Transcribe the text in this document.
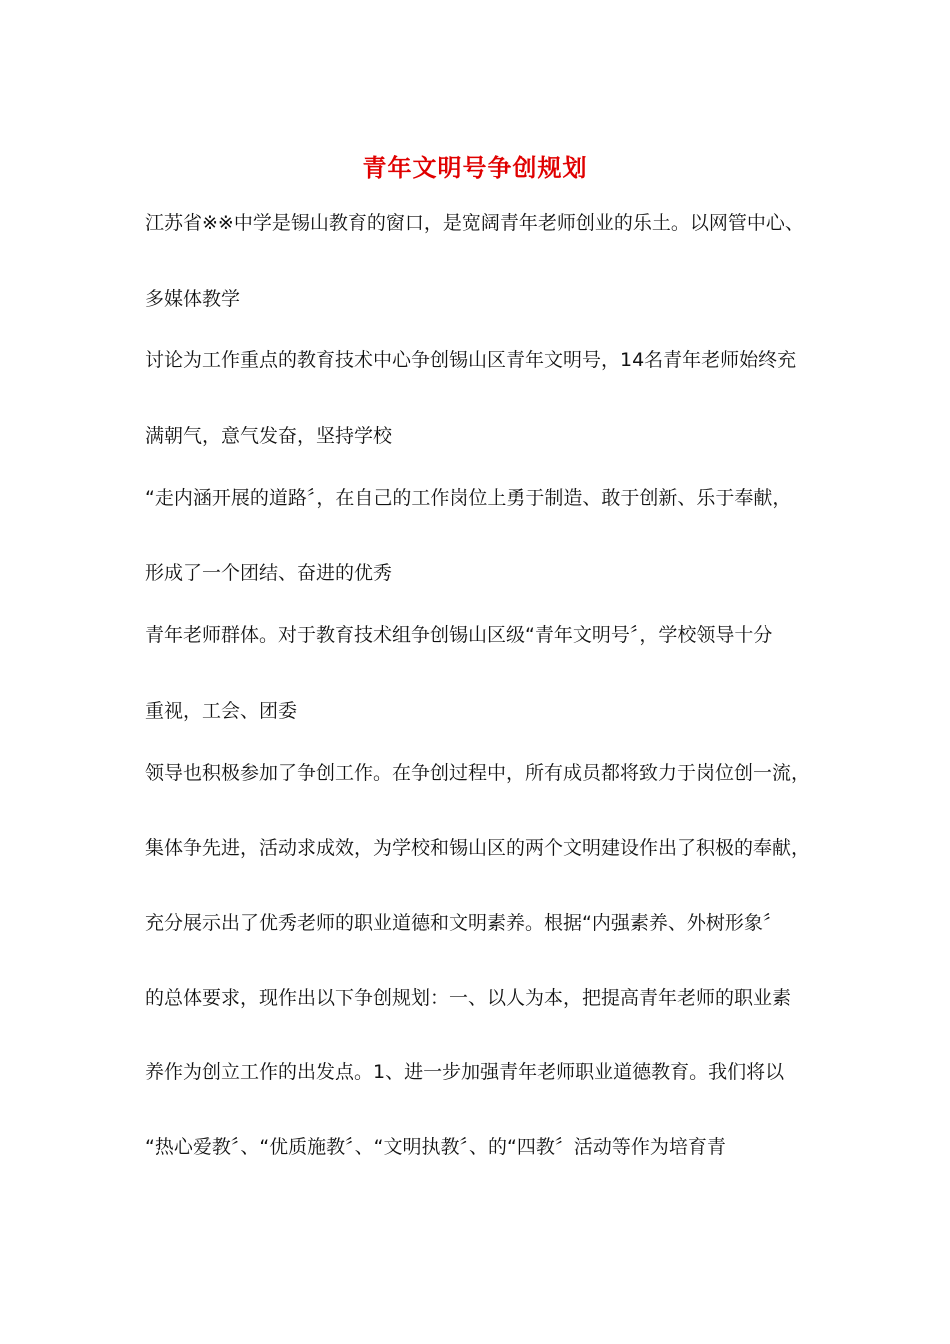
青年文明号争创规划
江苏省※※中学是锡山教育的窗口，是宽阔青年老师创业的乐土。以网管中心、
多媒体教学
讨论为工作重点的教育技术中心争创锡山区青年文明号，14名青年老师始终充
满朝气，意气发奋，坚持学校
“走内涵开展的道路〞，在自己的工作岗位上勇于制造、敢于创新、乐于奉献，
形成了一个团结、奋进的优秀
青年老师群体。对于教育技术组争创锡山区级“青年文明号〞，学校领导十分
重视，工会、团委
领导也积极参加了争创工作。在争创过程中，所有成员都将致力于岗位创一流，
集体争先进，活动求成效，为学校和锡山区的两个文明建设作出了积极的奉献，
充分展示出了优秀老师的职业道德和文明素养。根据“内强素养、外树形象〞
的总体要求，现作出以下争创规划：一、以人为本，把提高青年老师的职业素
养作为创立工作的出发点。1、进一步加强青年老师职业道德教育。我们将以
“热心爱教〞、“优质施教〞、“文明执教〞、的“四教〞活动等作为培育青
